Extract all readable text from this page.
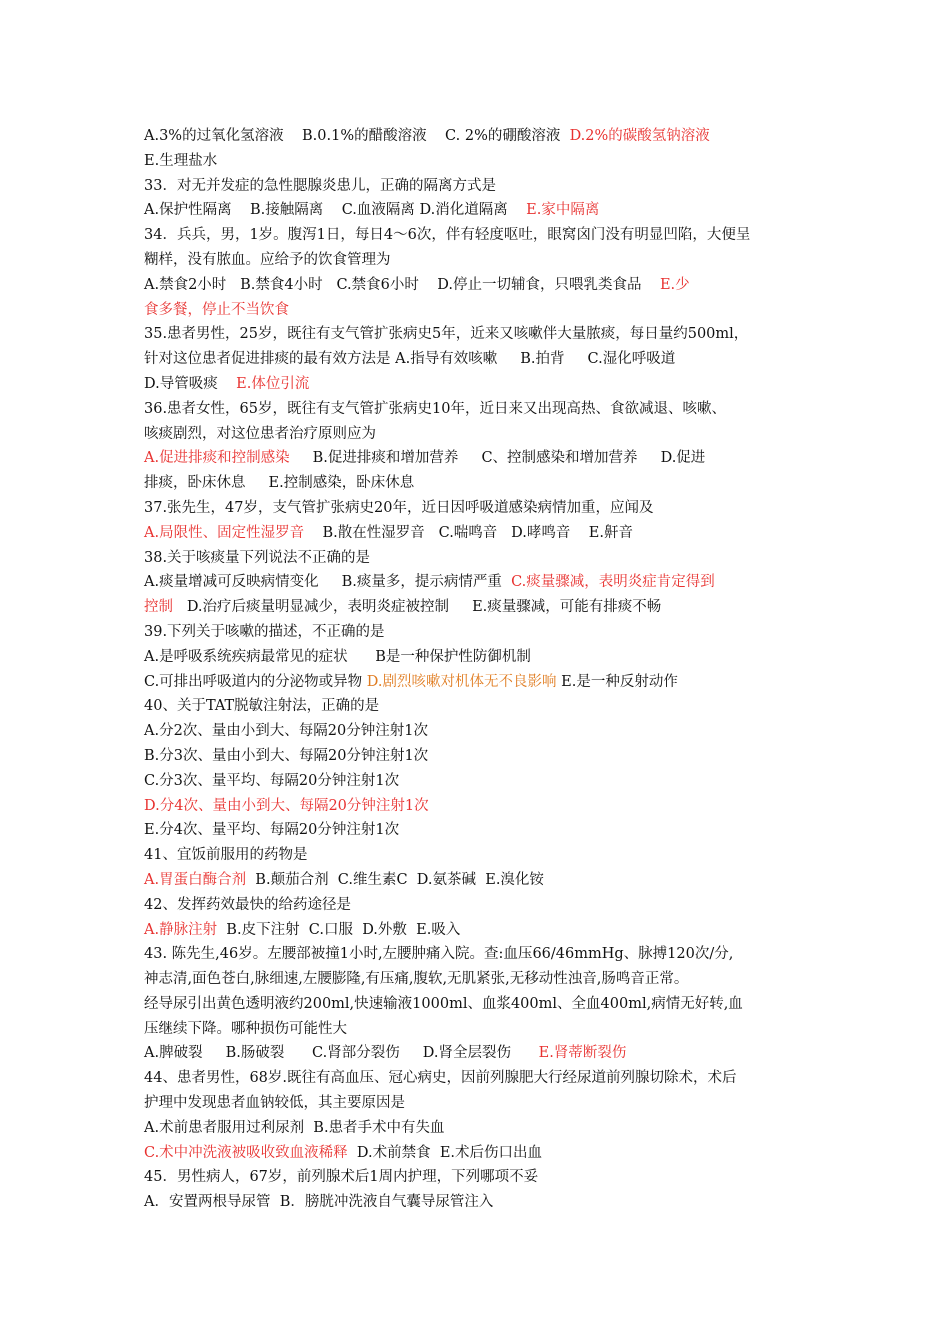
A.3%的过氧化氢溶液    B.0.1%的醋酸溶液    C. 2%的硼酸溶液  D.2%的碳酸氢钠溶液
E.生理盐水
33．对无并发症的急性腮腺炎患儿，正确的隔离方式是
A.保护性隔离    B.接触隔离    C.血液隔离 D.消化道隔离    E.家中隔离
34．兵兵，男，1岁。腹泻1日，每日4～6次，伴有轻度呕吐，眼窝囟门没有明显凹陷，大便呈
糊样，没有脓血。应给予的饮食管理为
A.禁食2小时   B.禁食4小时   C.禁食6小时    D.停止一切辅食，只喂乳类食品    E.少
食多餐，停止不当饮食
35.患者男性，25岁，既往有支气管扩张病史5年，近来又咳嗽伴大量脓痰，每日量约500ml，
针对这位患者促进排痰的最有效方法是 A.指导有效咳嗽     B.拍背     C.湿化呼吸道
D.导管吸痰    E.体位引流
36.患者女性，65岁，既往有支气管扩张病史10年，近日来又出现高热、食欲减退、咳嗽、
咳痰剧烈，对这位患者治疗原则应为
A.促进排痰和控制感染     B.促进排痰和增加营养     C、控制感染和增加营养     D.促进
排痰，卧床休息     E.控制感染，卧床休息
37.张先生，47岁，支气管扩张病史20年，近日因呼吸道感染病情加重，应闻及
A.局限性、固定性湿罗音    B.散在性湿罗音   C.喘鸣音   D.哮鸣音    E.鼾音
38.关于咳痰量下列说法不正确的是
A.痰量增减可反映病情变化     B.痰量多，提示病情严重  C.痰量骤减，表明炎症肯定得到
控制   D.治疗后痰量明显减少，表明炎症被控制     E.痰量骤减，可能有排痰不畅
39.下列关于咳嗽的描述，不正确的是
A.是呼吸系统疾病最常见的症状      B是一种保护性防御机制
C.可排出呼吸道内的分泌物或异物 D.剧烈咳嗽对机体无不良影响 E.是一种反射动作
40、关于TAT脱敏注射法，正确的是
A.分2次、量由小到大、每隔20分钟注射1次
B.分3次、量由小到大、每隔20分钟注射1次
C.分3次、量平均、每隔20分钟注射1次
D.分4次、量由小到大、每隔20分钟注射1次
E.分4次、量平均、每隔20分钟注射1次
41、宜饭前服用的药物是
A.胃蛋白酶合剂  B.颠茄合剂  C.维生素C  D.氨茶碱  E.溴化铵
42、发挥药效最快的给药途径是
A.静脉注射  B.皮下注射  C.口服  D.外敷  E.吸入
43. 陈先生,46岁。左腰部被撞1小时,左腰肿痛入院。查:血压66/46mmHg、脉搏120次/分,
神志清,面色苍白,脉细速,左腰膨隆,有压痛,腹软,无肌紧张,无移动性浊音,肠鸣音正常。
经导尿引出黄色透明液约200ml,快速输液1000ml、血浆400ml、全血400ml,病情无好转,血
压继续下降。哪种损伤可能性大
A.脾破裂     B.肠破裂      C.肾部分裂伤     D.肾全层裂伤      E.肾蒂断裂伤
44、患者男性，68岁.既往有高血压、冠心病史，因前列腺肥大行经尿道前列腺切除术，术后
护理中发现患者血钠较低，其主要原因是
A.术前患者服用过利尿剂  B.患者手术中有失血
C.术中冲洗液被吸收致血液稀释  D.术前禁食  E.术后伤口出血
45．男性病人，67岁，前列腺术后1周内护理，下列哪项不妥
A．安置两根导尿管  B．膀胱冲洗液自气囊导尿管注入
